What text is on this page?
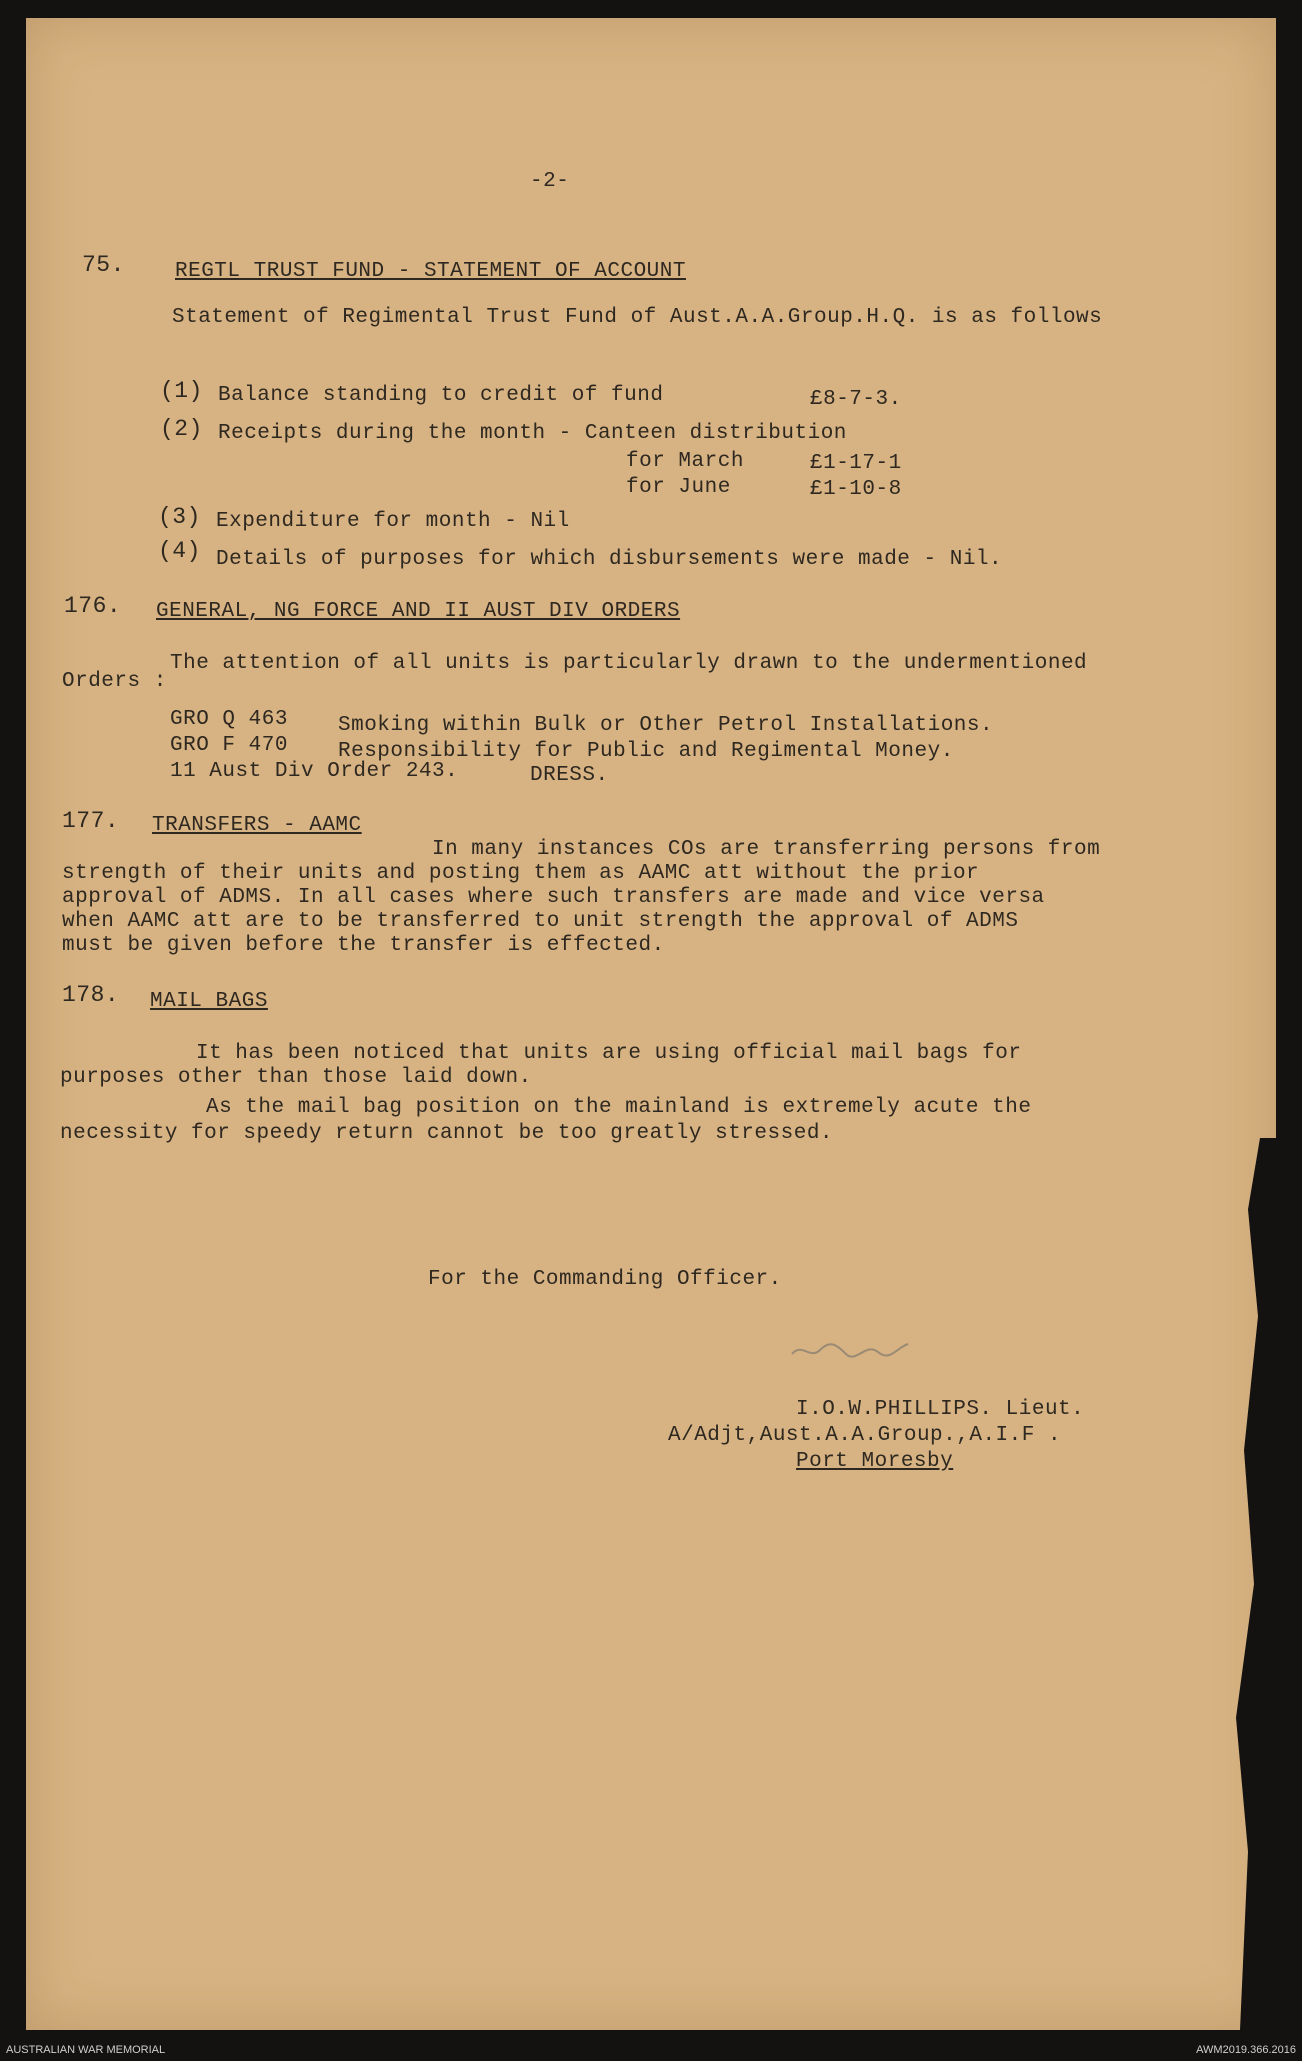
-2-
75. REGTL TRUST FUND - STATEMENT OF ACCOUNT
Statement of Regimental Trust Fund of Aust.A.A.Group.H.Q. is as follows
(1) Balance standing to credit of fund	£8-7-3.
(2) Receipts during the month - Canteen distribution
for March	£1-17-1
for June	£1-10-8
(3) Expenditure for month - Nil
(4) Details of purposes for which disbursements were made - Nil.
176. GENERAL, NG FORCE AND II AUST DIV ORDERS
The attention of all units is particularly drawn to the undermentioned
Orders :
GRO Q 463 Smoking within Bulk or Other Petrol Installations.
GRO F 470 Responsibility for Public and Regimental Money.
11 Aust Div Order 243.	DRESS.
177. TRANSFERS - AAMC
In many instances COs are transferring persons from
strength of their units and posting them as AAMC att without the prior
approval of ADMS. In all cases where such transfers are made and vice versa
when AAMC att are to be transferred to unit strength the approval of ADMS
must be given before the transfer is effected.
178. MAIL BAGS
It has been noticed that units are using official mail bags for
purposes other than those laid down.
As the mail bag position on the mainland is extremely acute the
necessity for speedy return cannot be too greatly stressed.
For the Commanding Officer.
I.O.W.PHILLIPS. Lieut.
A/Adjt,Aust.A.A.Group.,A.I.F .
Port Moresby
AUSTRALIAN WAR MEMORIAL	AWM2019.366.2016
